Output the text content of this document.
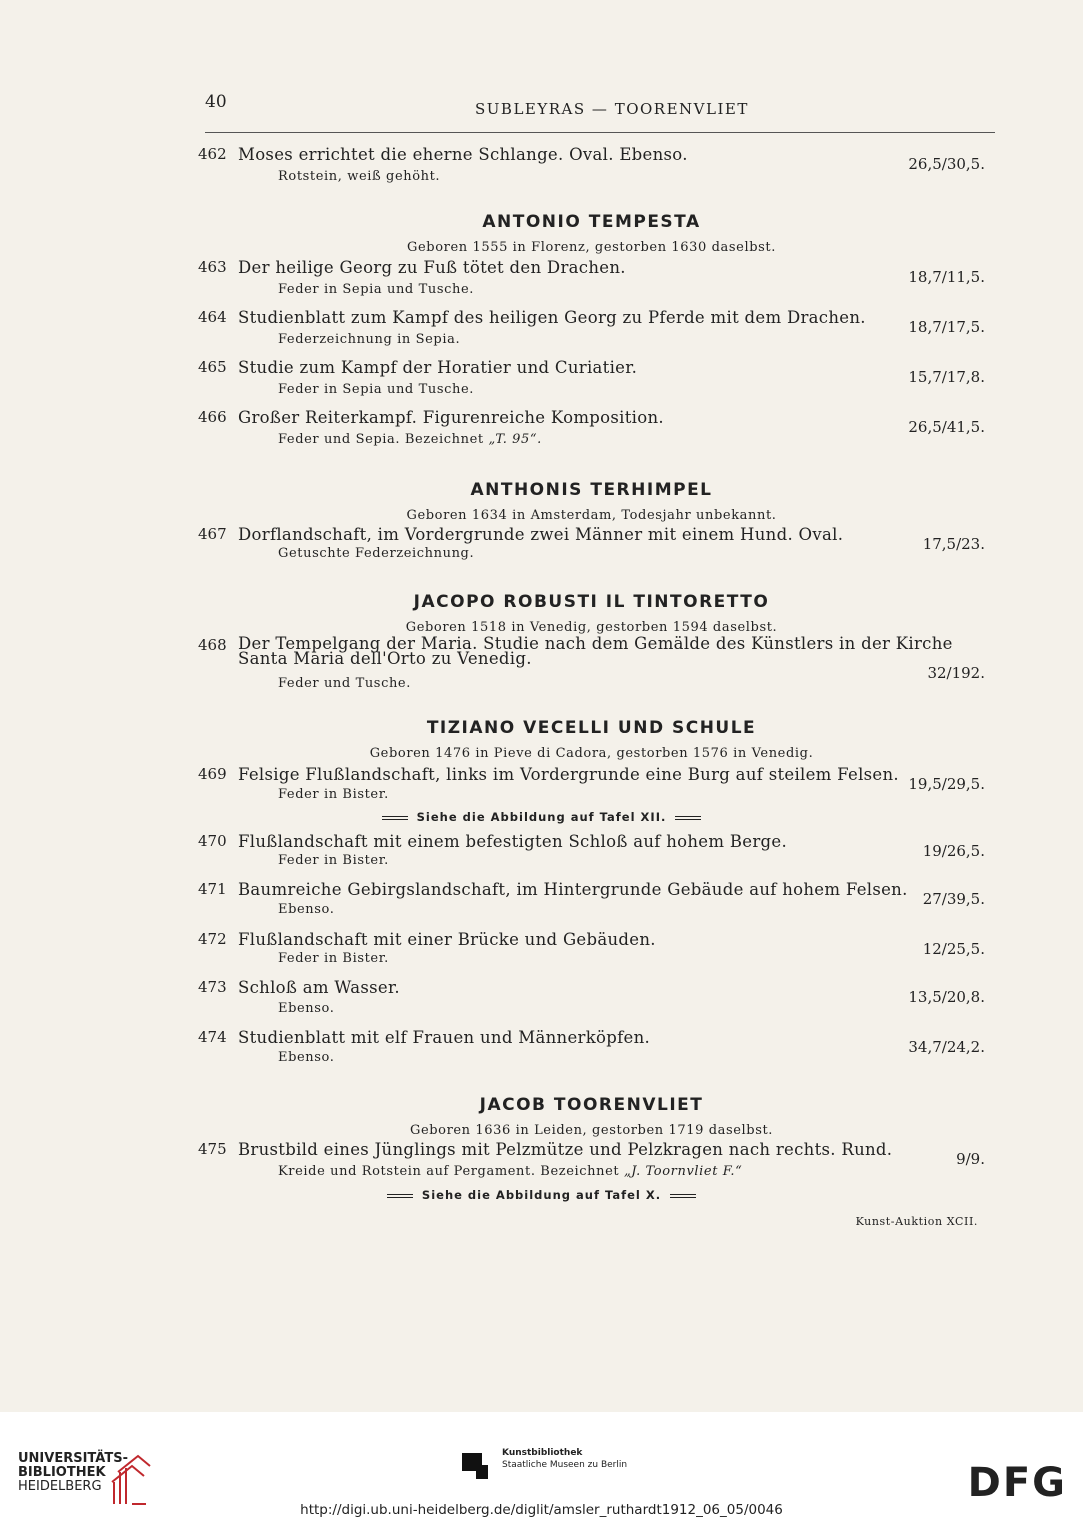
40	SUBLEYRAS — TOORENVLIET
462 Moses errichtet die eherne Schlange. Oval. Ebenso.
Rotstein, weiß gehöht.
26,5/30,5.
ANTONIO TEMPESTA
Geboren 1555 in Florenz, gestorben 1630 daselbst.
463 Der heilige Georg zu Fuß tötet den Drachen.
Feder in Sepia und Tusche.
18,7/11,5.
464 Studienblatt zum Kampf des heiligen Georg zu Pferde mit dem Drachen.
Federzeichnung in Sepia.
18,7/17,5.
465 Studie zum Kampf der Horatier und Curiatier.
Feder in Sepia und Tusche.
15,7/17,8.
466 Großer Reiterkampf. Figurenreiche Komposition.
Feder und Sepia. Bezeichnet „T. 95“.
26,5/41,5.
ANTHONIS TERHIMPEL
Geboren 1634 in Amsterdam, Todesjahr unbekannt.
467 Dorflandschaft, im Vordergrunde zwei Männer mit einem Hund. Oval.
Getuschte Federzeichnung.
17,5/23.
JACOPO ROBUSTI IL TINTORETTO
Geboren 1518 in Venedig, gestorben 1594 daselbst.
468 Der Tempelgang der Maria. Studie nach dem Gemälde des Künstlers in der Kirche Santa Maria dell'Orto zu Venedig.
Feder und Tusche.
32/192.
TIZIANO VECELLI UND SCHULE
Geboren 1476 in Pieve di Cadora, gestorben 1576 in Venedig.
469 Felsige Flußlandschaft, links im Vordergrunde eine Burg auf steilem Felsen.
Feder in Bister.
19,5/29,5.
Siehe die Abbildung auf Tafel XII.
470 Flußlandschaft mit einem befestigten Schloß auf hohem Berge.
Feder in Bister.
19/26,5.
471 Baumreiche Gebirgslandschaft, im Hintergrunde Gebäude auf hohem Felsen.
Ebenso.
27/39,5.
472 Flußlandschaft mit einer Brücke und Gebäuden.
Feder in Bister.
12/25,5.
473 Schloß am Wasser.
Ebenso.
13,5/20,8.
474 Studienblatt mit elf Frauen und Männerköpfen.
Ebenso.
34,7/24,2.
JACOB TOORENVLIET
Geboren 1636 in Leiden, gestorben 1719 daselbst.
475 Brustbild eines Jünglings mit Pelzmütze und Pelzkragen nach rechts. Rund.
Kreide und Rotstein auf Pergament. Bezeichnet „J. Toornvliet F.“
9/9.
Siehe die Abbildung auf Tafel X.
Kunst-Auktion XCII.
UNIVERSITÄTS-
BIBLIOTHEK
HEIDELBERG
Kunstbibliothek
Staatliche Museen zu Berlin	DFG
http://digi.ub.uni-heidelberg.de/diglit/amsler_ruthardt1912_06_05/0046
